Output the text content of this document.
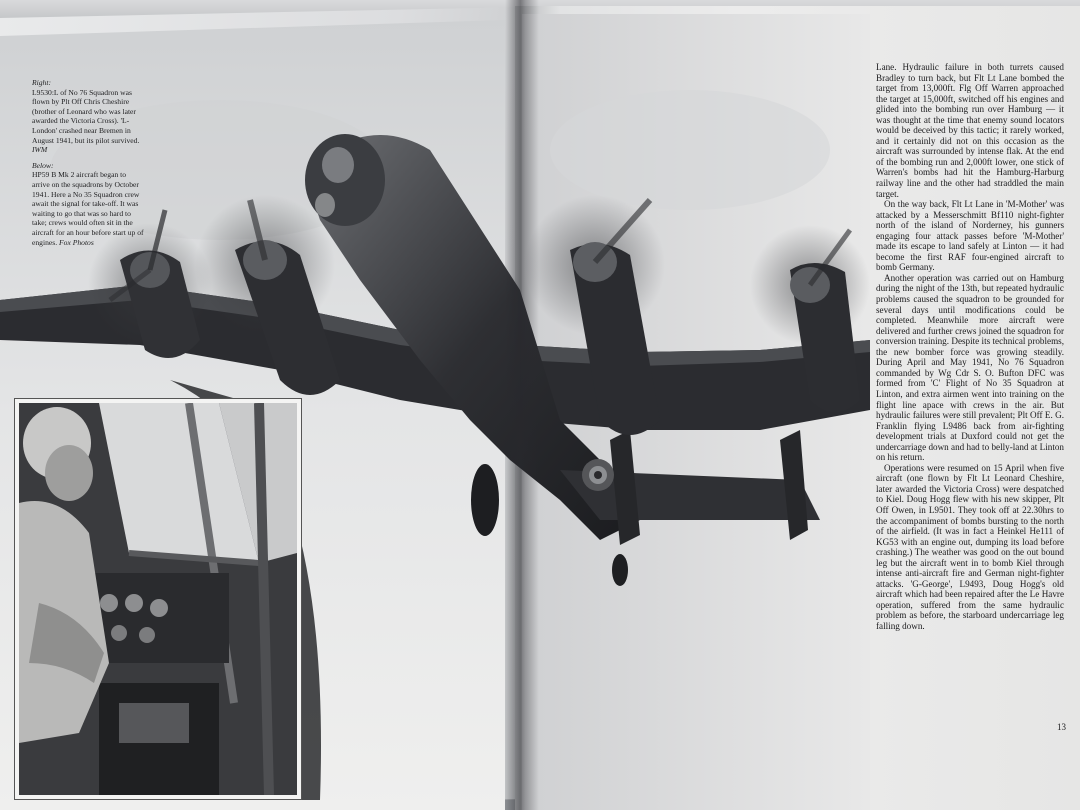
Right:
L9530:L of No 76 Squadron was flown by Plt Off Chris Cheshire (brother of Leonard who was later awarded the Victoria Cross). 'L-London' crashed near Bremen in August 1941, but its pilot survived. IWM

Below:
HP59 B Mk 2 aircraft began to arrive on the squadrons by October 1941. Here a No 35 Squadron crew await the signal for take-off. It was waiting to go that was so hard to take; crews would often sit in the aircraft for an hour before start up of engines. Fox Photos

Lane. Hydraulic failure in both turrets caused Bradley to turn back, but Flt Lt Lane bombed the target from 13,000ft. Flg Off Warren approached the target at 15,000ft, switched off his engines and glided into the bombing run over Hamburg — it was thought at the time that enemy sound locators would be deceived by this tactic; it rarely worked, and it certainly did not on this occasion as the aircraft was surrounded by intense flak. At the end of the bombing run and 2,000ft lower, one stick of Warren's bombs had hit the Hamburg-Harburg railway line and the other had straddled the main target.

On the way back, Flt Lt Lane in 'M-Mother' was attacked by a Messerschmitt Bf110 night-fighter north of the island of Norderney, his gunners engaging four attack passes before 'M-Mother' made its escape to land safely at Linton — it had become the first RAF four-engined aircraft to bomb Germany.

Another operation was carried out on Hamburg during the night of the 13th, but repeated hydraulic problems caused the squadron to be grounded for several days until modifications could be completed. Meanwhile more aircraft were delivered and further crews joined the squadron for conversion training. Despite its technical problems, the new bomber force was growing steadily. During April and May 1941, No 76 Squadron commanded by Wg Cdr S. O. Bufton DFC was formed from 'C' Flight of No 35 Squadron at Linton, and extra airmen went into training on the flight line apace with crews in the air. But hydraulic failures were still prevalent; Plt Off E. G. Franklin flying L9486 back from air-fighting development trials at Duxford could not get the undercarriage down and had to belly-land at Linton on his return.

Operations were resumed on 15 April when five aircraft (one flown by Flt Lt Leonard Cheshire, later awarded the Victoria Cross) were despatched to Kiel. Doug Hogg flew with his new skipper, Plt Off Owen, in L9501. They took off at 22.30hrs to the accompaniment of bombs bursting to the north of the airfield. (It was in fact a Heinkel He111 of KG53 with an engine out, dumping its load before crashing.) The weather was good on the out bound leg but the aircraft went in to bomb Kiel through intense anti-aircraft fire and German night-fighter attacks. 'G-George', L9493, Doug Hogg's old aircraft which had been repaired after the Le Havre operation, suffered from the same hydraulic problem as before, the starboard undercarriage leg falling down.

13
